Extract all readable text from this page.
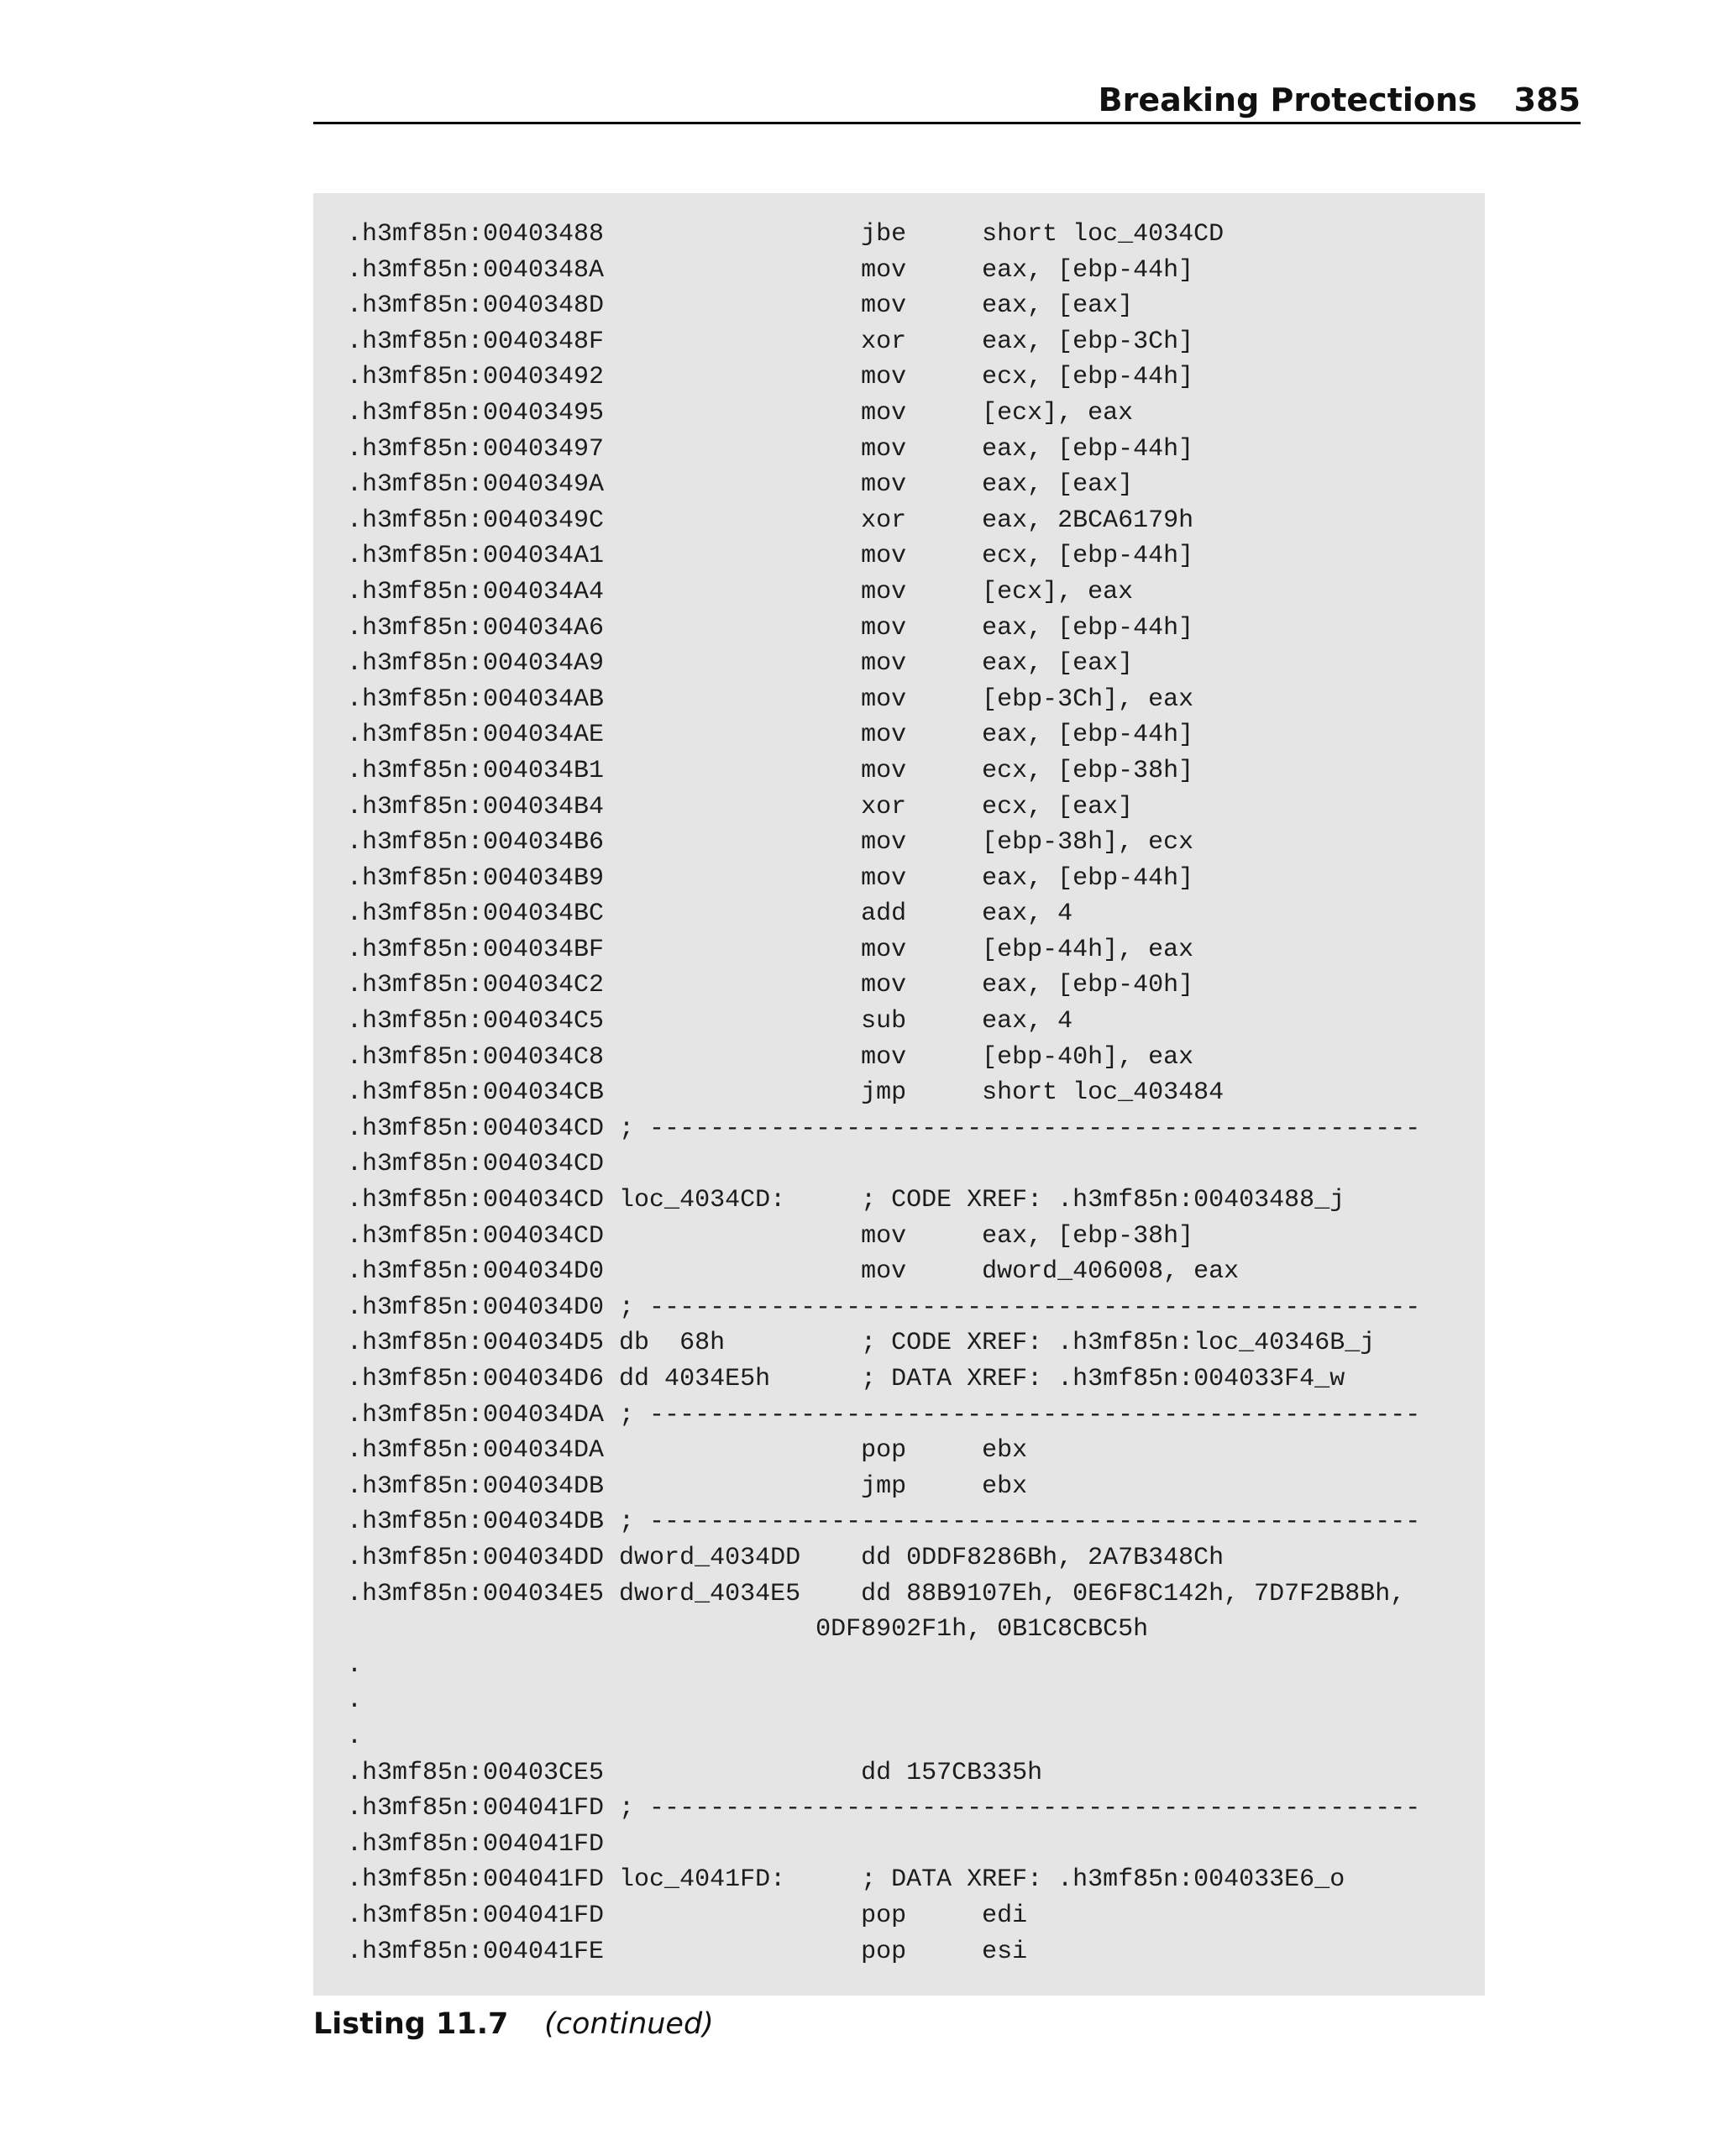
Breaking Protections 385
.h3mf85n:00403488                 jbe     short loc_4034CD
.h3mf85n:0040348A                 mov     eax, [ebp-44h]
.h3mf85n:0040348D                 mov     eax, [eax]
.h3mf85n:0040348F                 xor     eax, [ebp-3Ch]
.h3mf85n:00403492                 mov     ecx, [ebp-44h]
.h3mf85n:00403495                 mov     [ecx], eax
.h3mf85n:00403497                 mov     eax, [ebp-44h]
.h3mf85n:0040349A                 mov     eax, [eax]
.h3mf85n:0040349C                 xor     eax, 2BCA6179h
.h3mf85n:004034A1                 mov     ecx, [ebp-44h]
.h3mf85n:004034A4                 mov     [ecx], eax
.h3mf85n:004034A6                 mov     eax, [ebp-44h]
.h3mf85n:004034A9                 mov     eax, [eax]
.h3mf85n:004034AB                 mov     [ebp-3Ch], eax
.h3mf85n:004034AE                 mov     eax, [ebp-44h]
.h3mf85n:004034B1                 mov     ecx, [ebp-38h]
.h3mf85n:004034B4                 xor     ecx, [eax]
.h3mf85n:004034B6                 mov     [ebp-38h], ecx
.h3mf85n:004034B9                 mov     eax, [ebp-44h]
.h3mf85n:004034BC                 add     eax, 4
.h3mf85n:004034BF                 mov     [ebp-44h], eax
.h3mf85n:004034C2                 mov     eax, [ebp-40h]
.h3mf85n:004034C5                 sub     eax, 4
.h3mf85n:004034C8                 mov     [ebp-40h], eax
.h3mf85n:004034CB                 jmp     short loc_403484
.h3mf85n:004034CD ; ---------------------------------------------------
.h3mf85n:004034CD
.h3mf85n:004034CD loc_4034CD:     ; CODE XREF: .h3mf85n:00403488_j
.h3mf85n:004034CD                 mov     eax, [ebp-38h]
.h3mf85n:004034D0                 mov     dword_406008, eax
.h3mf85n:004034D0 ; ---------------------------------------------------
.h3mf85n:004034D5 db  68h         ; CODE XREF: .h3mf85n:loc_40346B_j
.h3mf85n:004034D6 dd 4034E5h      ; DATA XREF: .h3mf85n:004033F4_w
.h3mf85n:004034DA ; ---------------------------------------------------
.h3mf85n:004034DA                 pop     ebx
.h3mf85n:004034DB                 jmp     ebx
.h3mf85n:004034DB ; ---------------------------------------------------
.h3mf85n:004034DD dword_4034DD    dd 0DDF8286Bh, 2A7B348Ch
.h3mf85n:004034E5 dword_4034E5    dd 88B9107Eh, 0E6F8C142h, 7D7F2B8Bh,
0DF8902F1h, 0B1C8CBC5h
.
.
.
.h3mf85n:00403CE5                 dd 157CB335h
.h3mf85n:004041FD ; ---------------------------------------------------
.h3mf85n:004041FD
.h3mf85n:004041FD loc_4041FD:     ; DATA XREF: .h3mf85n:004033E6_o
.h3mf85n:004041FD                 pop     edi
.h3mf85n:004041FE                 pop     esi
Listing 11.7 (continued)
